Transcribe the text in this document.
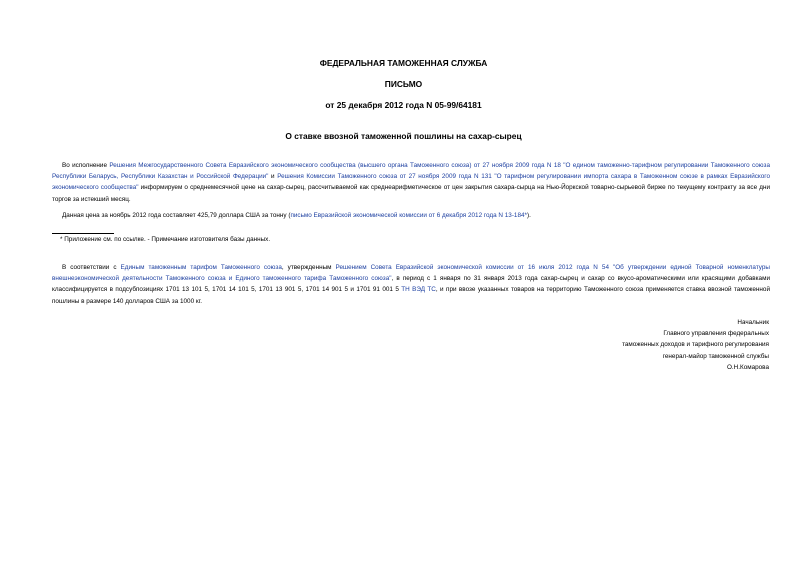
ФЕДЕРАЛЬНАЯ ТАМОЖЕННАЯ СЛУЖБА
ПИСЬМО
от 25 декабря 2012 года N 05-99/64181
О ставке ввозной таможенной пошлины на сахар-сырец

Во исполнение Решения Межгосударственного Совета Евразийского экономического сообщества (высшего органа Таможенного союза) от 27 ноября 2009 года N 18 "О едином таможенно-тарифном регулировании Таможенного союза Республики Беларусь, Республики Казахстан и Российской Федерации" и Решения Комиссии Таможенного союза от 27 ноября 2009 года N 131 "О тарифном регулировании импорта сахара в Таможенном союзе в рамках Евразийского экономического сообщества" информируем о среднемесячной цене на сахар-сырец, рассчитываемой как среднеарифметическое от цен закрытия сахара-сырца на Нью-Йоркской товарно-сырьевой бирже по текущему контракту за все дни торгов за истекший месяц.

Данная цена за ноябрь 2012 года составляет 425,79 доллара США за тонну (письмо Евразийской экономической комиссии от 6 декабря 2012 года N 13-184*).

* Приложение см. по ссылке. - Примечание изготовителя базы данных.

В соответствии с Единым таможенным тарифом Таможенного союза, утвержденным Решением Совета Евразийской экономической комиссии от 16 июля 2012 года N 54 "Об утверждении единой Товарной номенклатуры внешнеэкономической деятельности Таможенного союза и Единого таможенного тарифа Таможенного союза", в период с 1 января по 31 января 2013 года сахар-сырец и сахар со вкусо-ароматическими или красящими добавками классифицируется в подсубпозициях 1701 13 101 5, 1701 14 101 5, 1701 13 901 5, 1701 14 901 5 и 1701 91 001 5 ТН ВЭД ТС, и при ввозе указанных товаров на территорию Таможенного союза применяется ставка ввозной таможенной пошлины в размере 140 долларов США за 1000 кг.

Начальник
Главного управления федеральных
таможенных доходов и тарифного регулирования
генерал-майор таможенной службы
О.Н.Комарова
